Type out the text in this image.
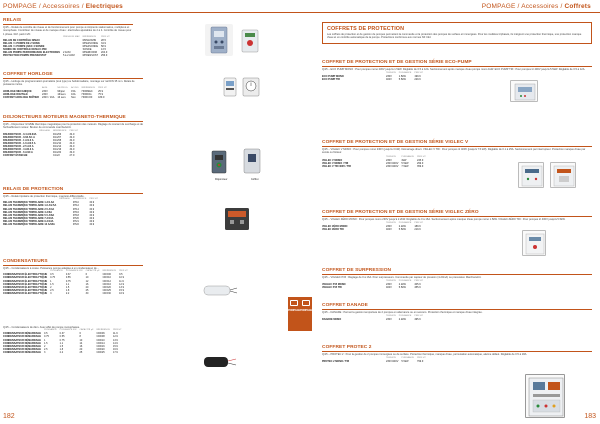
POMPAGE / Accessoires / Electriques
RELAIS
Q/15 – Relais de contrôle de niveau et de fonctionnement pour pompe à récipients stationnaires, multiplexé et monophasé. Contrôleur de niveau et de manque d'eau : électrodes ajustables de 2 à 4. Contrôle de niveau pour 1 phase. Réf. pack LVD.
	PRESSION MAX	RÉFÉRENCE	PRIX HT
RELAIS DE CONTRÔLE N/MAX		RNMAXMIN	28.5
RELAIS / 1 POMPE DE 2 SOND.		RPE2SONDE	34.9
RELAIS / 1 POMPE AVEC 4 SONDE		RPE4SONDE	58.9
SONDE DE CONTRÔLE NIVEAU 25M		SONDE	13.5
RELAIS POMPE PERFORMANCE ELECTRODES	2 ACM	RPERFORM	204.9
PROTECTION POMPE PRESSOSTAT	5 à 2 ACM	RPRESSOST	256.9
COFFRET HORLOGE
Q/15 – Horloge de programmation journalière (tout type) ou hebdomadaire, montage sur rail DIN 35 mm. Relais de puissance inclus.
	ALIM.	NB PROG.	ACCES	RÉFÉRENCE	PRIX HT
HORLOGE MECANIQUE	230V	96/jour	15A	HORMEC	25.9
HORLOGE DIGITALE	230V	16/sem.	16A	HORDIG	75.9
COFFRET HORLOGE BOÎTIER	230V / 16A	16 sem.	Non	HORCOF	189.9
DISJONCTEURS MOTEURS MAGNETO-THERMIQUE
Q/15 – Disjoncteur GV2ME thermique magnétique pour la protection des moteurs. Réglage du courant de surcharge et de l'échauffement moteur. Bouton de commande marche/arrêt.
	RÉGLAGE	RÉFÉRENCE	PRIX HT
DISJONCTEUR - 0.4 A/0.63A		DGV06	34.9
DISJONCTEUR - 0.63 A/1 A		DGV07	34.9
DISJONCTEUR - 1 A/1.6 A		DGV08	34.9
DISJONCTEUR - 1.6 A/2.5 A		DGV10	34.9
DISJONCTEUR - 2.5 A/4 A		DGV14	34.9
DISJONCTEUR - 4 A/6.3 A		DGV16	34.9
DISJONCTEUR - 6 A/10 A		DGV20	34.9
COFFRET ÉTANCHE		CGV2	27.9
Disjoncteur	Coffret
RELAIS DE PROTECTION
Q/15 – Relais tripolaire de protection thermique, magnéto-différentielle.
	RÉGLAGE	RÉFÉRENCE	PRIX HT
RELAIS THERMIQUE TRIPOLAIRE 1 A/1.6A		RT10	34.9
RELAIS THERMIQUE TRIPOLAIRE 1.6 A/2.5A		RT12	34.9
RELAIS THERMIQUE TRIPOLAIRE 2.5 A/4A		RT14	34.9
RELAIS THERMIQUE TRIPOLAIRE 4 A/6A		RT16	34.9
RELAIS THERMIQUE TRIPOLAIRE 5.5 A/8A		RT18	34.9
RELAIS THERMIQUE TRIPOLAIRE 7 A/10A		RT20	34.9
RELAIS THERMIQUE TRIPOLAIRE 9 A/13A		RT21	34.9
RELAIS THERMIQUE TRIPOLAIRE 12 A/18A		RT22	34.9
CONDENSATEURS
Q/15 – Condensateurs à cosse. Puissance pompe adaptée à un condensateur de…
	PUISSANCE	PUISSANCE KW	CAPACITÉ µF	RÉFÉRENCE	PRIX HT
CONDENSATEUR ÉLECTROLYTIQUE	0.5	0.37	6	CDO06	9.5
CONDENSATEUR ÉLECTROLYTIQUE	0.75	0.55	10	CDO10	10.9
CONDENSATEUR ÉLECTROLYTIQUE	1	0.75	12	CDO12	11.9
CONDENSATEUR ÉLECTROLYTIQUE	1.5	1.1	16	CDO16	12.9
CONDENSATEUR ÉLECTROLYTIQUE	2	1.5	20	CDO20	13.9
CONDENSATEUR ÉLECTROLYTIQUE	2.5	1.8	25	CDO25	15.9
CONDENSATEUR ÉLECTROLYTIQUE	3	2.2	30	CDO30	16.9
Q/15 – Condensateurs de dém. Avec effet de pompe monophasée.
	PUISSANCE	PUISSANCE KW	CAPACITÉ µF	RÉFÉRENCE	PRIX HT
CONDENSATEUR DÉMARRAGE	0.5	0.37	6	CDD06	11.9
CONDENSATEUR DÉMARRAGE	0.75	0.55	8	CDD08	12.9
CONDENSATEUR DÉMARRAGE	1	0.75	10	CDD10	13.9
CONDENSATEUR DÉMARRAGE	1.5	1.1	14	CDD14	14.9
CONDENSATEUR DÉMARRAGE	2	1.5	16	CDD16	15.9
CONDENSATEUR DÉMARRAGE	2.5	1.8	20	CDD20	16.9
CONDENSATEUR DÉMARRAGE	3	2.2	25	CDD25	17.9
POMPAGE
182
POMPAGE / Accessoires / Coffrets
COFFRETS DE PROTECTION
Les coffrets de protection et de gestion de pompes permettent la commande et la protection des pompes de surface et immergées. Pour les modèles triphasés, ils intègrent une protection thermique, une protection manque d'eau et un contrôle automatique de la pompe. Protections conformes aux normes NF CEI.
COFFRET DE PROTECTION ET DE GESTION SÉRIE ECO-PUMP
Q/15 – ECO PUMP MONO : Pour pompes mono 230V jusqu'à 1.5kW. Réglable de 0.5 à 12A. Sectionnement après manque d'eau pompe mono 1kW. ECO PUMP TRI : Pour pompes tri 400V jusqu'à 5.5kW. Réglable de 0.5 à 12A.
	TENSION	PUISSANCE	PRIX HT
ECO PUMP MONO	230V	1.5kW	199.9
ECO PUMP TRI	400V	5.5kW	229.9
COFFRET DE PROTECTION ET DE GESTION SÉRIE VIGLEC V
Q/15 – VIGLEC V MONO : Pour pompes mono 230V (jusqu'à 3 kW). Démarrage direct. VIGLEC V TRI : Pour pompes tri 400V (jusqu'à 7.5 kW). Réglable de 0.1 à 25A. Sectionnement par interrupteur. Protection manque d'eau par sonde ou flotteur.
	TENSION	PUISSANCE	PRIX HT
VIGLEC V MONO	230V	3kW	245.9
VIGLEC V MONO / TRI	230V/400V	5.5kW	299.9
VIGLEC V TRI 400V / TRI	230V/400V	7.5kW	359.9
COFFRET DE PROTECTION ET DE GESTION SÉRIE VIGLEC ZÉRO
Q/15 – VIGLEC ZÉRO MONO : Pour pompes mono 230V jusqu'à 2.2kW. Réglable de 0 à 16A. Sectionnement après manque d'eau pompe mono 1.5kW. VIGLEC ZÉRO TRI : Pour pompes tri 400V jusqu'à 5.5kW.
	TENSION	PUISSANCE	PRIX HT
VIGLEC ZÉRO MONO	230V	2.2kW	189.9
VIGLEC ZÉRO TRI	400V	5.5kW	219.9
COFFRET DE SURPRESSION
Q/15 – VIGILEC P15 : Réglage de 0 à 16A. Pour surpresseurs. Commande par capteur de pression (4-20mA) ou pressostat. Marche/arrêt.
	TENSION	PUISSANCE	PRIX HT
VIGILEC P15 MONO	230V	2.2kW	405.9
VIGILEC P15 TRI	400V	5.5kW	455.9
COFFRET DANADE
Q/15 – DANADE : Permet la gestion temporisée de 2 pompes en alternance ou en secours. Protection thermique et manque d'eau intégrée.
	TENSION	PUISSANCE	PRIX HT
DANADE MONO	230V	2.2kW	495.9
COFFRET PROTEC 2
Q/15 – PROTEC 2 : Pour la gestion de 2 pompes immergées ou de surface. Protection thermique, manque d'eau, permutation automatique, alarme défaut. Réglable de 0.5 à 18A.
	TENSION	PUISSANCE	PRIX HT
PROTEC 2 MONO / TRI	230V/400V	5.5kW	799.9
POMPAGE
183
